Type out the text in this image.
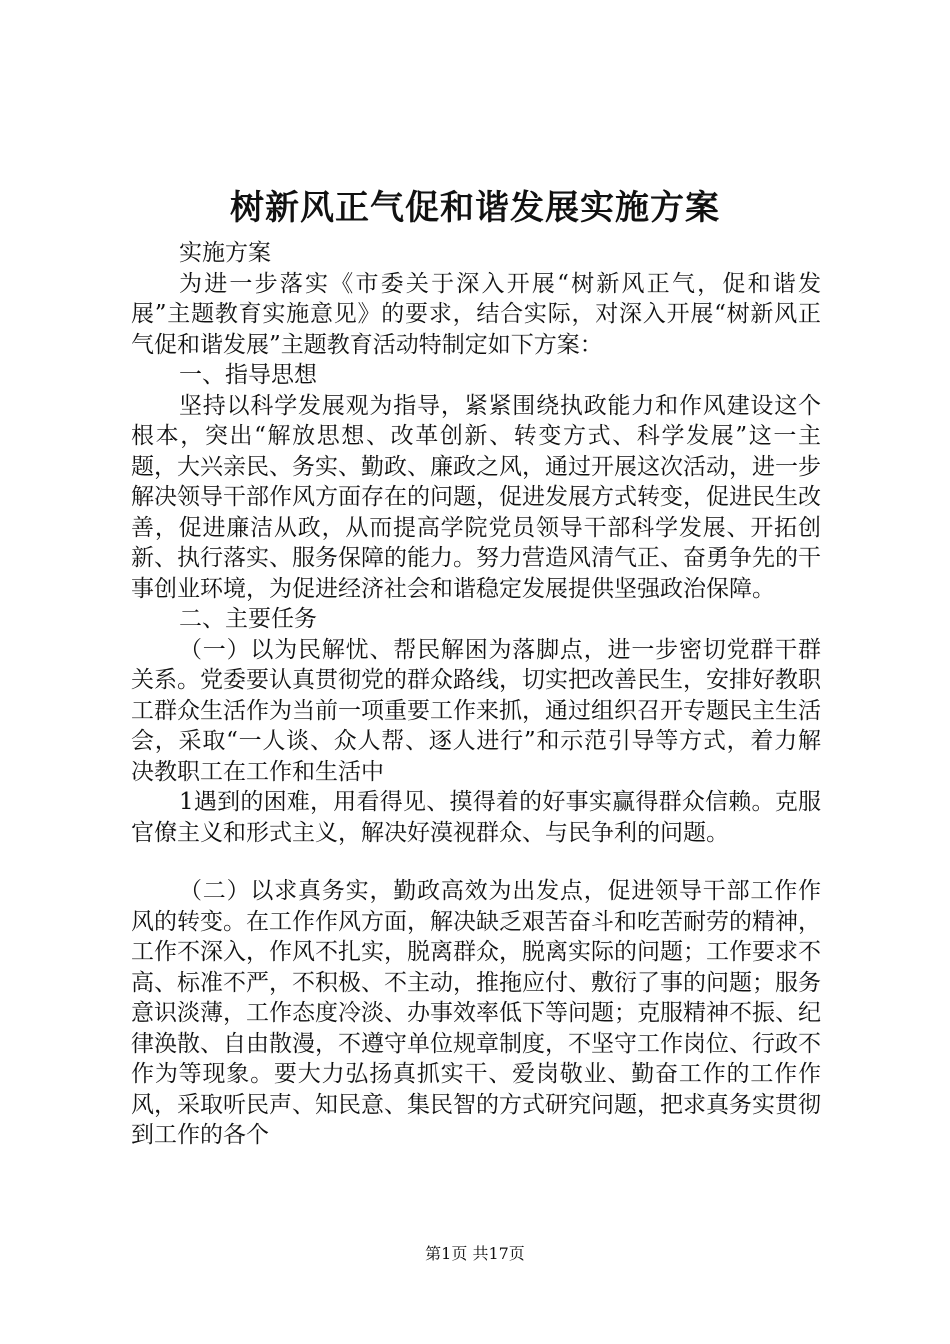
树新风正气促和谐发展实施方案

实施方案

为进一步落实《市委关于深入开展“树新风正气，促和谐发展”主题教育实施意见》的要求，结合实际，对深入开展“树新风正气促和谐发展”主题教育活动特制定如下方案：

一、指导思想

坚持以科学发展观为指导，紧紧围绕执政能力和作风建设这个根本，突出“解放思想、改革创新、转变方式、科学发展”这一主题，大兴亲民、务实、勤政、廉政之风，通过开展这次活动，进一步解决领导干部作风方面存在的问题，促进发展方式转变，促进民生改善，促进廉洁从政，从而提高学院党员领导干部科学发展、开拓创新、执行落实、服务保障的能力。努力营造风清气正、奋勇争先的干事创业环境，为促进经济社会和谐稳定发展提供坚强政治保障。

二、主要任务

（一）以为民解忧、帮民解困为落脚点，进一步密切党群干群关系。党委要认真贯彻党的群众路线，切实把改善民生，安排好教职工群众生活作为当前一项重要工作来抓，通过组织召开专题民主生活会，采取“一人谈、众人帮、逐人进行”和示范引导等方式，着力解决教职工在工作和生活中

1遇到的困难，用看得见、摸得着的好事实赢得群众信赖。克服官僚主义和形式主义，解决好漠视群众、与民争利的问题。

（二）以求真务实，勤政高效为出发点，促进领导干部工作作风的转变。在工作作风方面，解决缺乏艰苦奋斗和吃苦耐劳的精神，工作不深入，作风不扎实，脱离群众，脱离实际的问题；工作要求不高、标准不严，不积极、不主动，推拖应付、敷衍了事的问题；服务意识淡薄，工作态度冷淡、办事效率低下等问题；克服精神不振、纪律涣散、自由散漫，不遵守单位规章制度，不坚守工作岗位、行政不作为等现象。要大力弘扬真抓实干、爱岗敬业、勤奋工作的工作作风，采取听民声、知民意、集民智的方式研究问题，把求真务实贯彻到工作的各个

第1页 共17页
